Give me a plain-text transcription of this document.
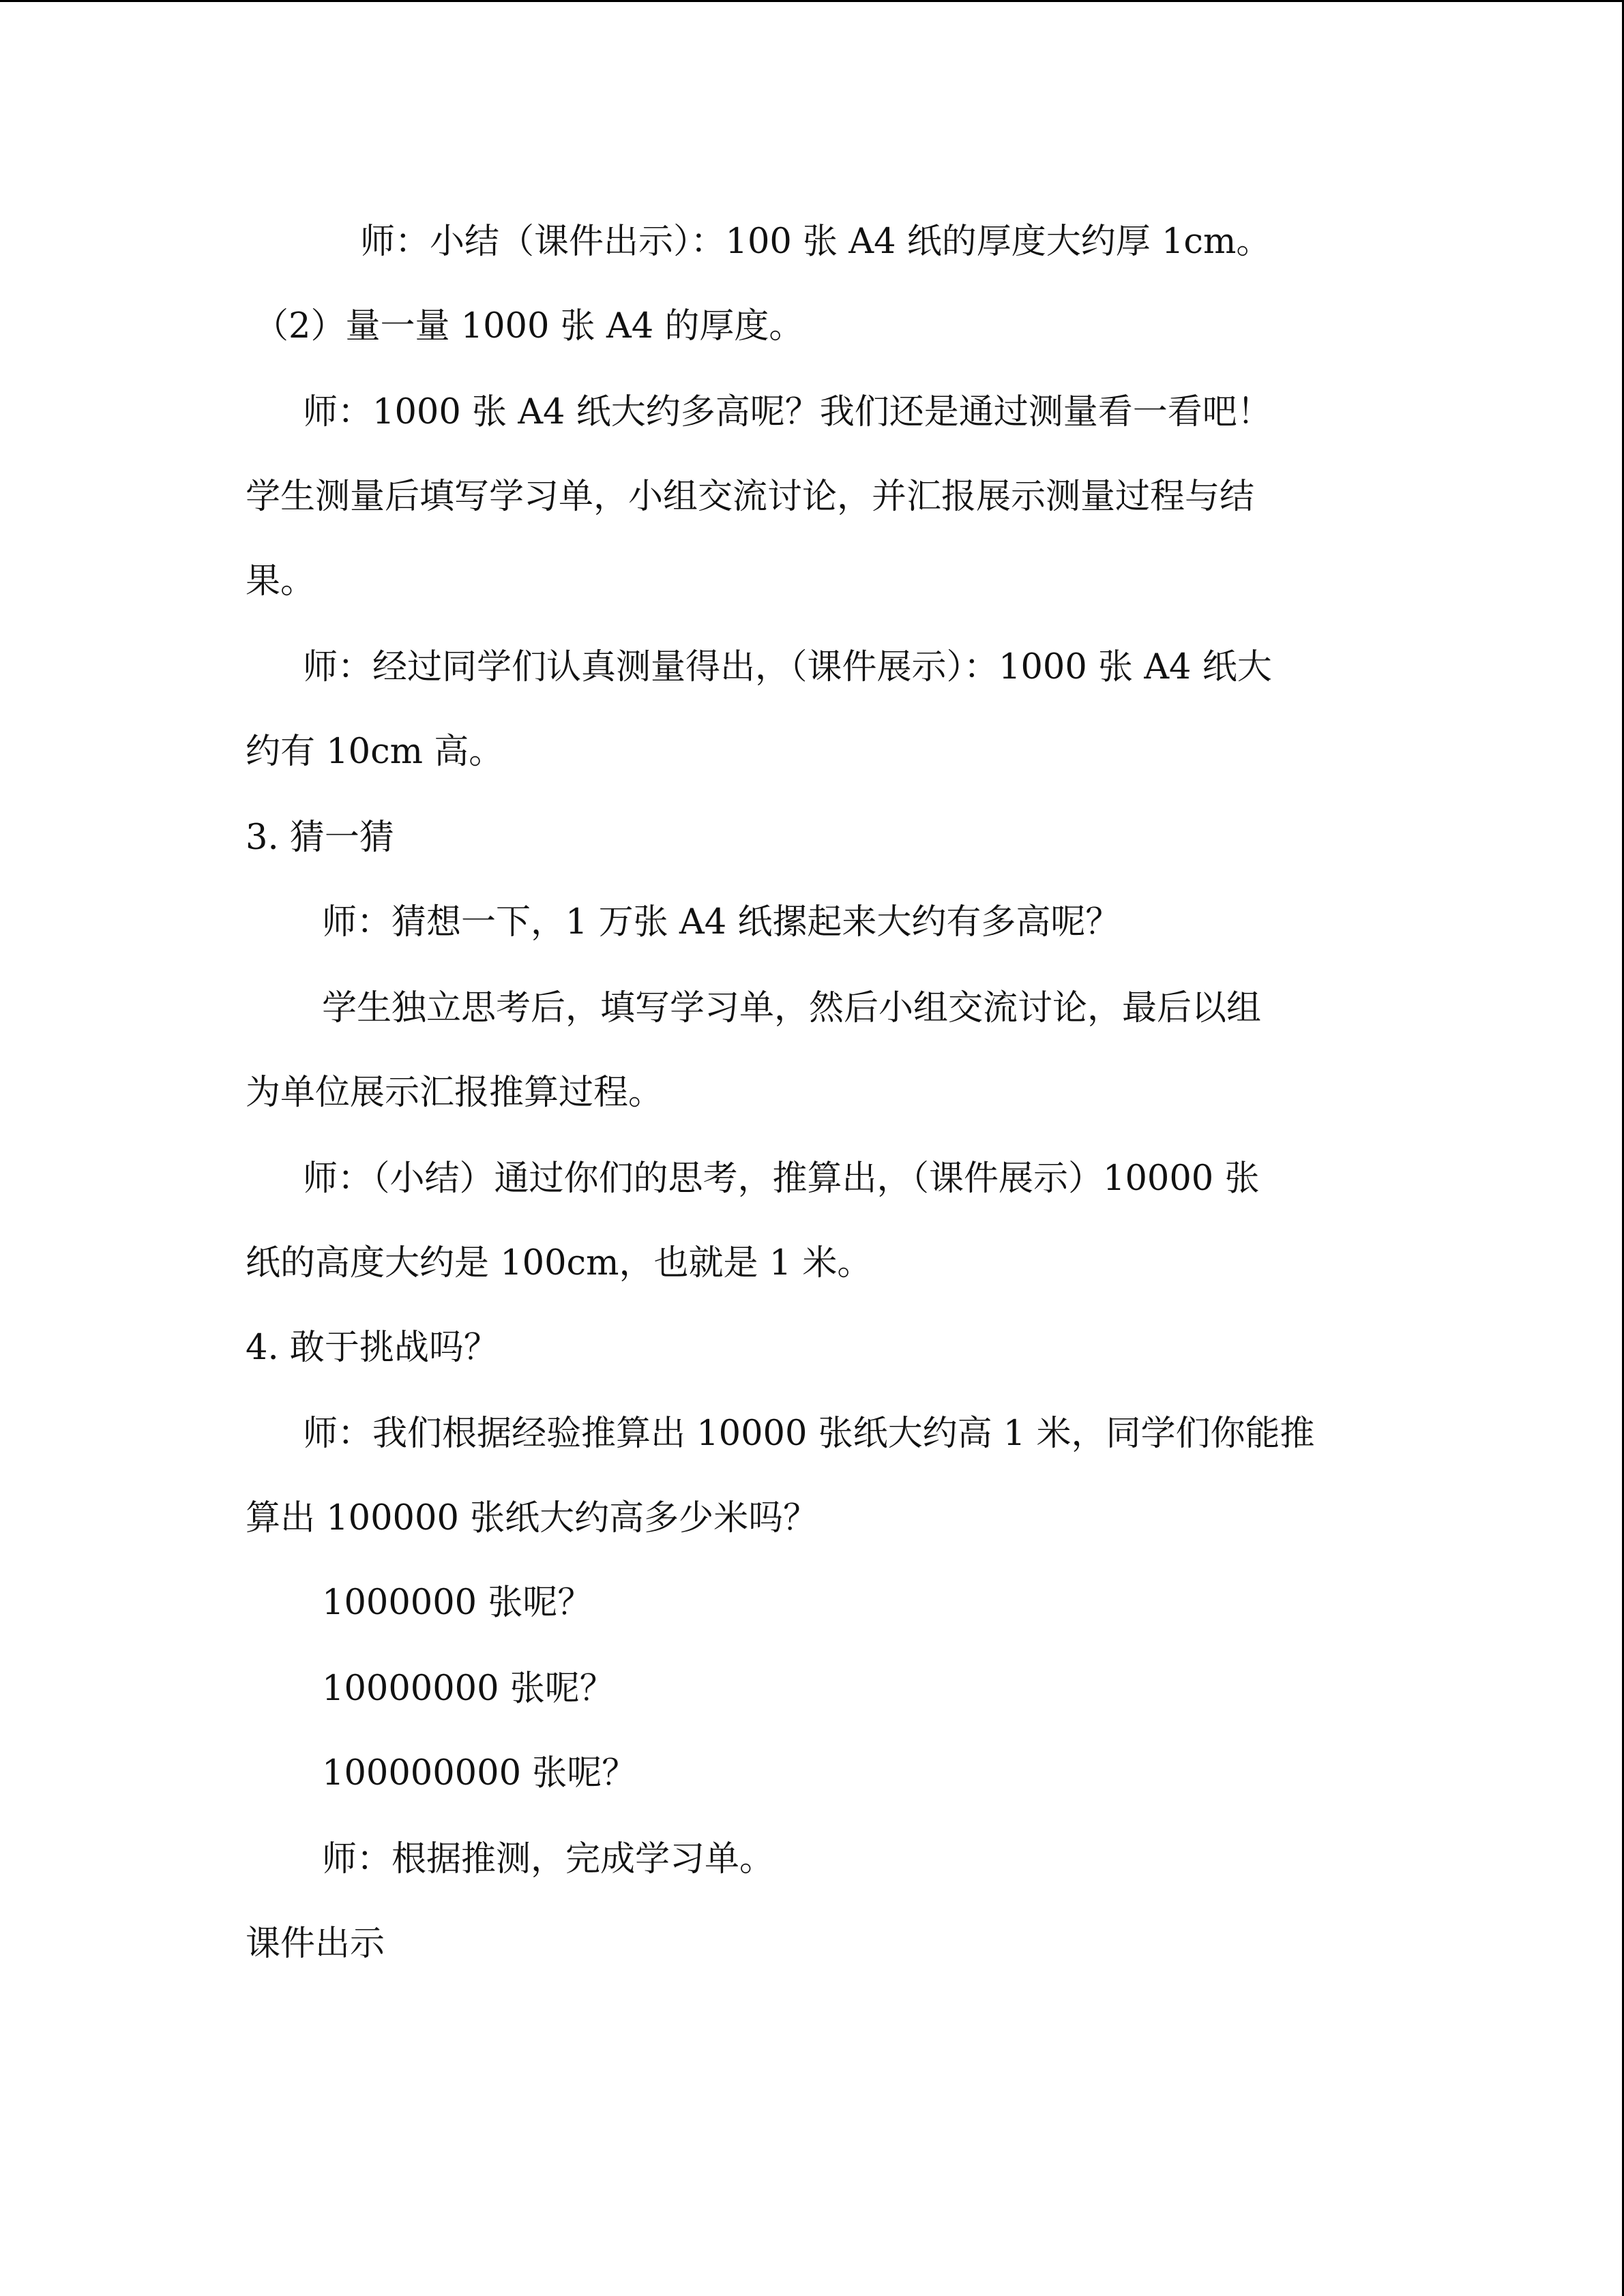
师：小结（课件出示）：100 张 A4 纸的厚度大约厚 1cm。

（2）量一量 1000 张 A4 的厚度。

师：1000 张 A4 纸大约多高呢？我们还是通过测量看一看吧！

学生测量后填写学习单，小组交流讨论，并汇报展示测量过程与结

果。

师：经过同学们认真测量得出，（课件展示）：1000 张 A4 纸大

约有 10cm 高。

3. 猜一猜

师：猜想一下，1 万张 A4 纸摞起来大约有多高呢？

学生独立思考后，填写学习单，然后小组交流讨论，最后以组

为单位展示汇报推算过程。

师：（小结）通过你们的思考，推算出，（课件展示）10000 张

纸的高度大约是 100cm，也就是 1 米。

4. 敢于挑战吗？

师：我们根据经验推算出 10000 张纸大约高 1 米，同学们你能推

算出 100000 张纸大约高多少米吗？

1000000 张呢？

10000000 张呢？

100000000 张呢？

师：根据推测，完成学习单。

课件出示
